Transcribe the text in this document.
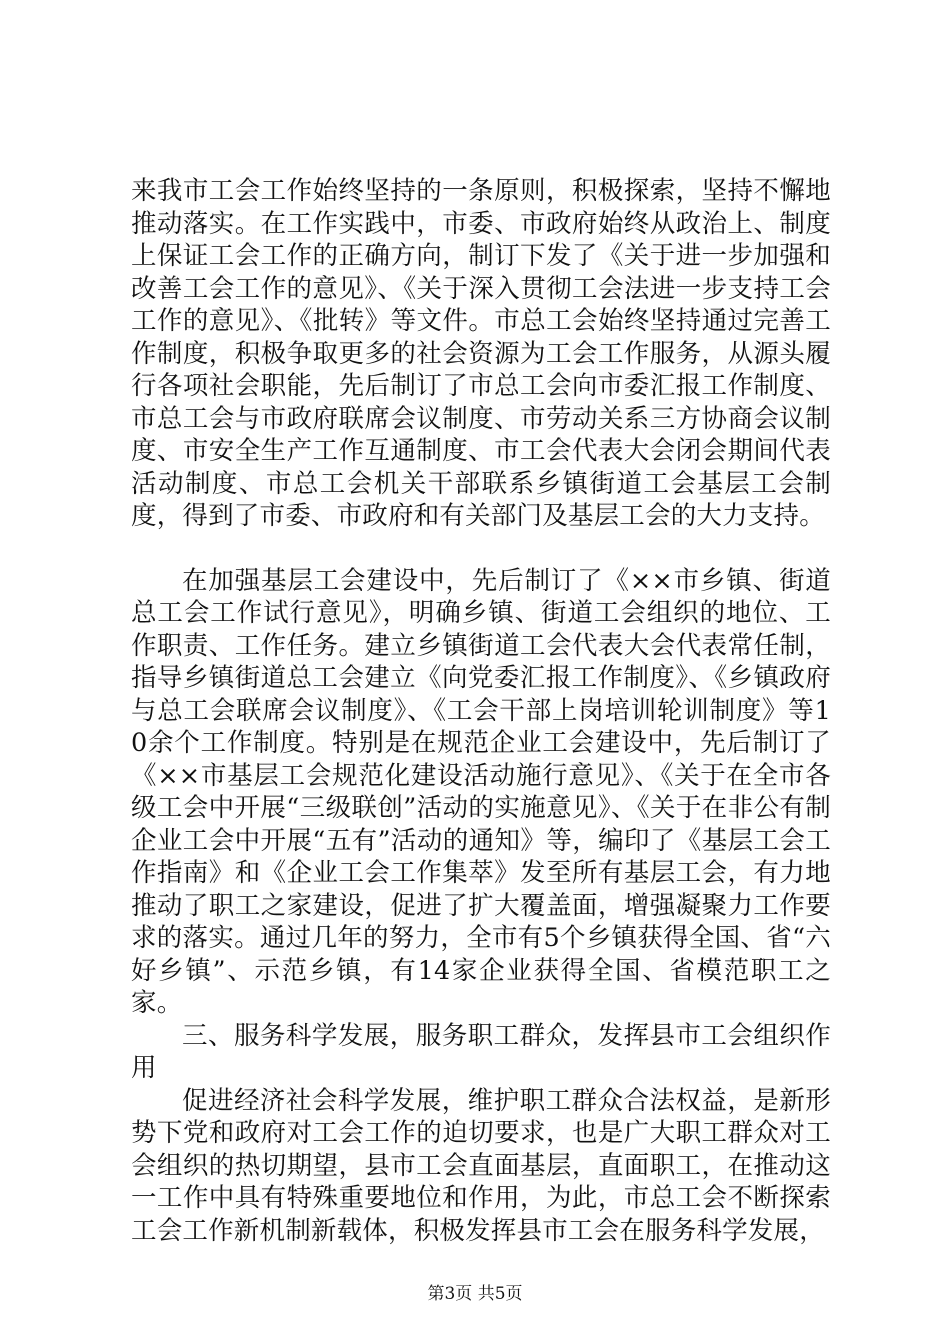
来我市工会工作始终坚持的一条原则，积极探索，坚持不懈地推动落实。在工作实践中，市委、市政府始终从政治上、制度上保证工会工作的正确方向，制订下发了《关于进一步加强和改善工会工作的意见》、《关于深入贯彻工会法进一步支持工会工作的意见》、《批转》等文件。市总工会始终坚持通过完善工作制度，积极争取更多的社会资源为工会工作服务，从源头履行各项社会职能，先后制订了市总工会向市委汇报工作制度、市总工会与市政府联席会议制度、市劳动关系三方协商会议制度、市安全生产工作互通制度、市工会代表大会闭会期间代表活动制度、市总工会机关干部联系乡镇街道工会基层工会制度，得到了市委、市政府和有关部门及基层工会的大力支持。

在加强基层工会建设中，先后制订了《××市乡镇、街道总工会工作试行意见》，明确乡镇、街道工会组织的地位、工作职责、工作任务。建立乡镇街道工会代表大会代表常任制，指导乡镇街道总工会建立《向党委汇报工作制度》、《乡镇政府与总工会联席会议制度》、《工会干部上岗培训轮训制度》等10余个工作制度。特别是在规范企业工会建设中，先后制订了《××市基层工会规范化建设活动施行意见》、《关于在全市各级工会中开展“三级联创”活动的实施意见》、《关于在非公有制企业工会中开展“五有”活动的通知》等，编印了《基层工会工作指南》和《企业工会工作集萃》发至所有基层工会，有力地推动了职工之家建设，促进了扩大覆盖面，增强凝聚力工作要求的落实。通过几年的努力，全市有5个乡镇获得全国、省“六好乡镇”、示范乡镇，有14家企业获得全国、省模范职工之家。

三、服务科学发展，服务职工群众，发挥县市工会组织作用

促进经济社会科学发展，维护职工群众合法权益，是新形势下党和政府对工会工作的迫切要求，也是广大职工群众对工会组织的热切期望，县市工会直面基层，直面职工，在推动这一工作中具有特殊重要地位和作用，为此，市总工会不断探索工会工作新机制新载体，积极发挥县市工会在服务科学发展，

第3页 共5页
